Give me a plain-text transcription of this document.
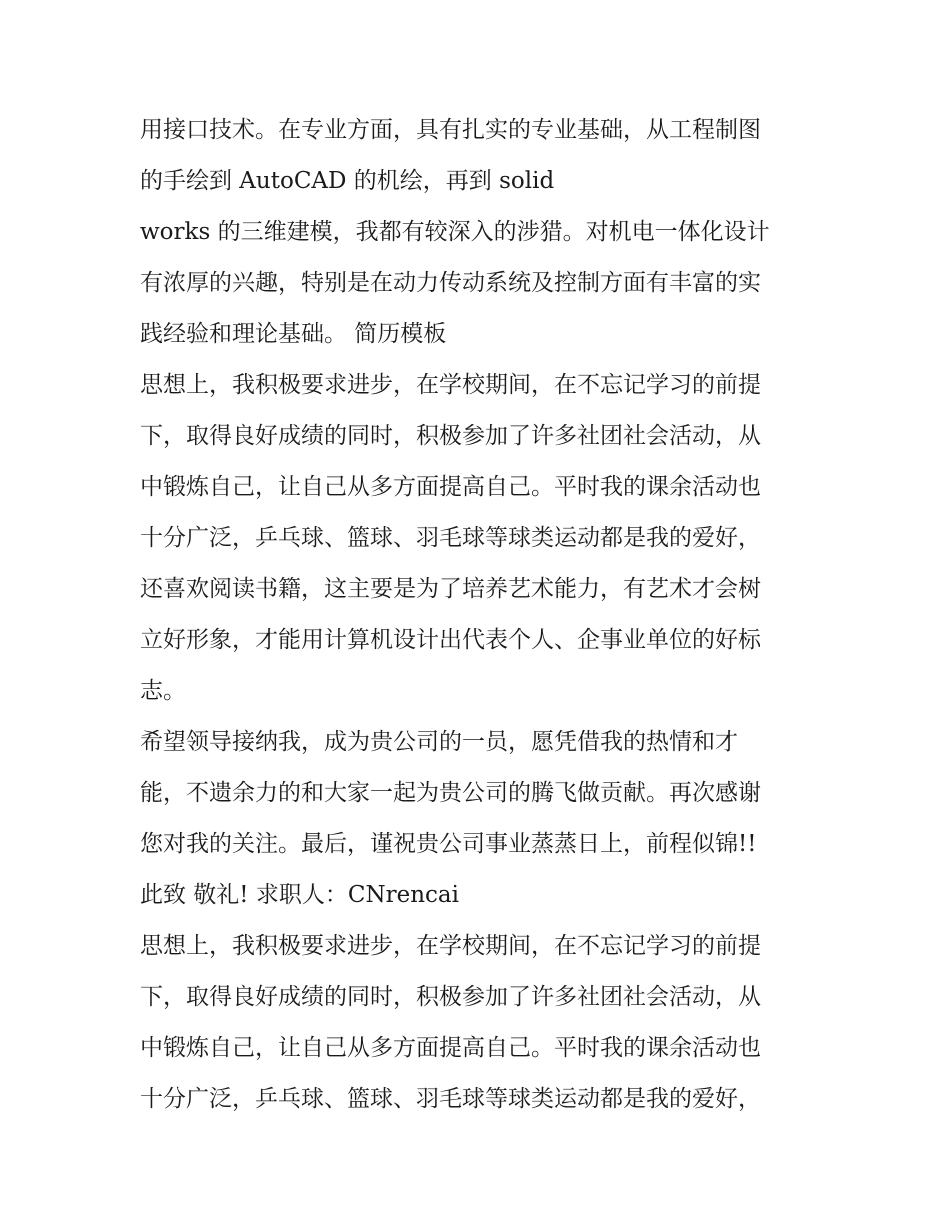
用接口技术。在专业方面，具有扎实的专业基础，从工程制图
的手绘到 AutoCAD 的机绘，再到 solid
works 的三维建模，我都有较深入的涉猎。对机电一体化设计
有浓厚的兴趣，特别是在动力传动系统及控制方面有丰富的实
践经验和理论基础。 简历模板
思想上，我积极要求进步，在学校期间，在不忘记学习的前提
下，取得良好成绩的同时，积极参加了许多社团社会活动，从
中锻炼自己，让自己从多方面提高自己。平时我的课余活动也
十分广泛，乒乓球、篮球、羽毛球等球类运动都是我的爱好，
还喜欢阅读书籍，这主要是为了培养艺术能力，有艺术才会树
立好形象，才能用计算机设计出代表个人、企事业单位的好标
志。
希望领导接纳我，成为贵公司的一员，愿凭借我的热情和才
能，不遗余力的和大家一起为贵公司的腾飞做贡献。再次感谢
您对我的关注。最后，谨祝贵公司事业蒸蒸日上，前程似锦!!
此致 敬礼! 求职人：CNrencai
思想上，我积极要求进步，在学校期间，在不忘记学习的前提
下，取得良好成绩的同时，积极参加了许多社团社会活动，从
中锻炼自己，让自己从多方面提高自己。平时我的课余活动也
十分广泛，乒乓球、篮球、羽毛球等球类运动都是我的爱好，
